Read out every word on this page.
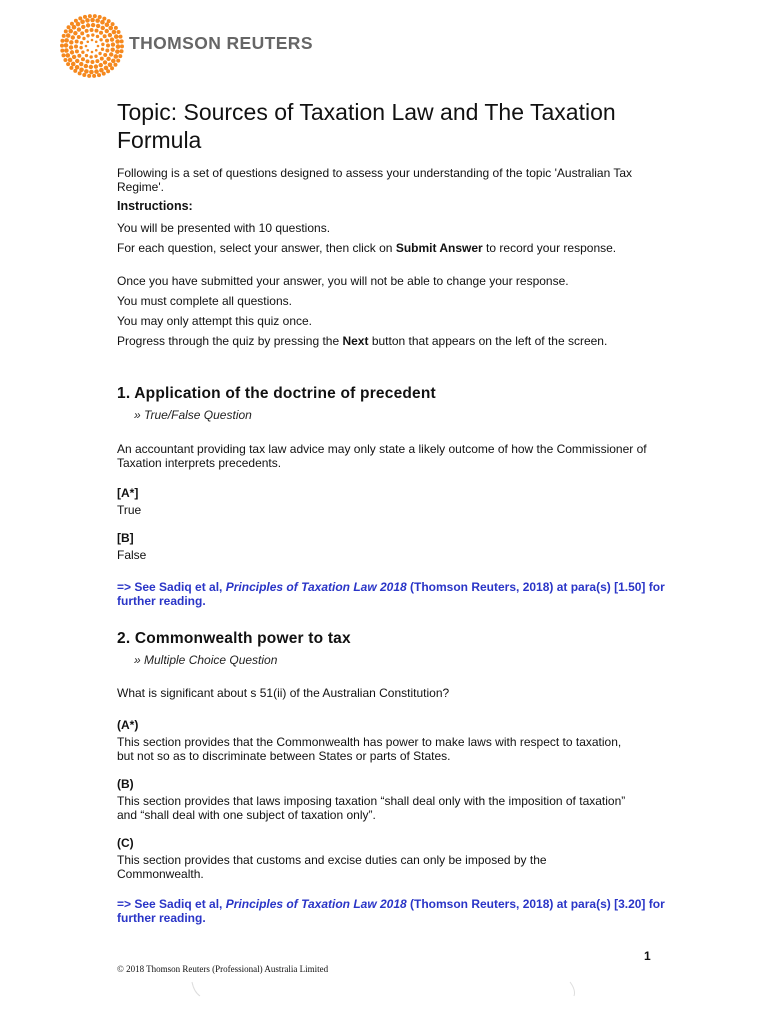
THOMSON REUTERS
Topic: Sources of Taxation Law and The Taxation Formula

Following is a set of questions designed to assess your understanding of the topic 'Australian Tax Regime'.

Instructions:

You will be presented with 10 questions.

For each question, select your answer, then click on Submit Answer to record your response.

Once you have submitted your answer, you will not be able to change your response.

You must complete all questions.

You may only attempt this quiz once.

Progress through the quiz by pressing the Next button that appears on the left of the screen.

1. Application of the doctrine of precedent
» True/False Question

An accountant providing tax law advice may only state a likely outcome of how the Commissioner of Taxation interprets precedents.

[A*]

True

[B]

False

=> See Sadiq et al, Principles of Taxation Law 2018 (Thomson Reuters, 2018) at para(s) [1.50] for further reading.
2. Commonwealth power to tax
» Multiple Choice Question

What is significant about s 51(ii) of the Australian Constitution?

(A*)

This section provides that the Commonwealth has power to make laws with respect to taxation, but not so as to discriminate between States or parts of States.

(B)

This section provides that laws imposing taxation “shall deal only with the imposition of taxation” and “shall deal with one subject of taxation only”.

(C)

This section provides that customs and excise duties can only be imposed by the Commonwealth.

=> See Sadiq et al, Principles of Taxation Law 2018 (Thomson Reuters, 2018) at para(s) [3.20] for further reading.
1
© 2018 Thomson Reuters (Professional) Australia Limited
